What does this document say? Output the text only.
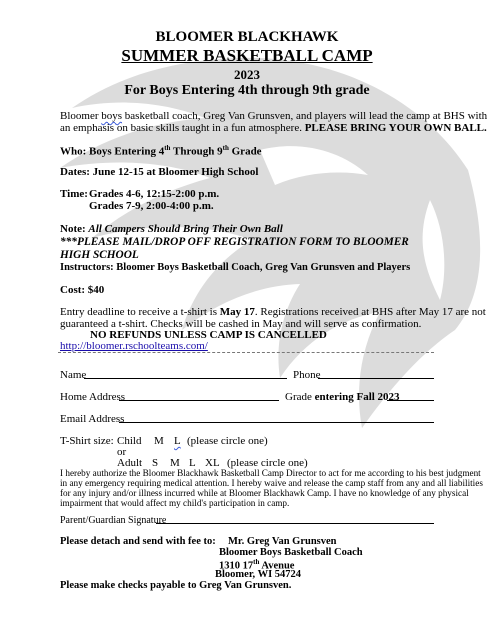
BLOOMER BLACKHAWK
SUMMER BASKETBALL CAMP
2023
For Boys Entering 4th through 9th grade
Bloomer boys basketball coach, Greg Van Grunsven, and players will lead the camp at BHS with
an emphasis on basic skills taught in a fun atmosphere. PLEASE BRING YOUR OWN BALL.
Who: Boys Entering 4th Through 9th Grade
Dates: June 12-15 at Bloomer High School
Time: Grades 4-6, 12:15-2:00 p.m.
Grades 7-9, 2:00-4:00 p.m.
Note: All Campers Should Bring Their Own Ball
***PLEASE MAIL/DROP OFF REGISTRATION FORM TO BLOOMER
HIGH SCHOOL
Instructors: Bloomer Boys Basketball Coach, Greg Van Grunsven and Players
Cost: $40
Entry deadline to receive a t-shirt is May 17. Registrations received at BHS after May 17 are not
guaranteed a t-shirt. Checks will be cashed in May and will serve as confirmation.
NO REFUNDS UNLESS CAMP IS CANCELLED
http://bloomer.rschoolteams.com/
Name	Phone
Home Address	Grade entering Fall 2023
Email Address
T-Shirt size: Child M L (please circle one)
or
Adult S M L XL (please circle one)
I hereby authorize the Bloomer Blackhawk Basketball Camp Director to act for me according to his best judgment
in any emergency requiring medical attention. I hereby waive and release the camp staff from any and all liabilities
for any injury and/or illness incurred while at Bloomer Blackhawk Camp. I have no knowledge of any physical
impairment that would affect my child's participation in camp.
Parent/Guardian Signature
Please detach and send with fee to: Mr. Greg Van Grunsven
Bloomer Boys Basketball Coach
1310 17th Avenue
Bloomer, WI 54724
Please make checks payable to Greg Van Grunsven.
